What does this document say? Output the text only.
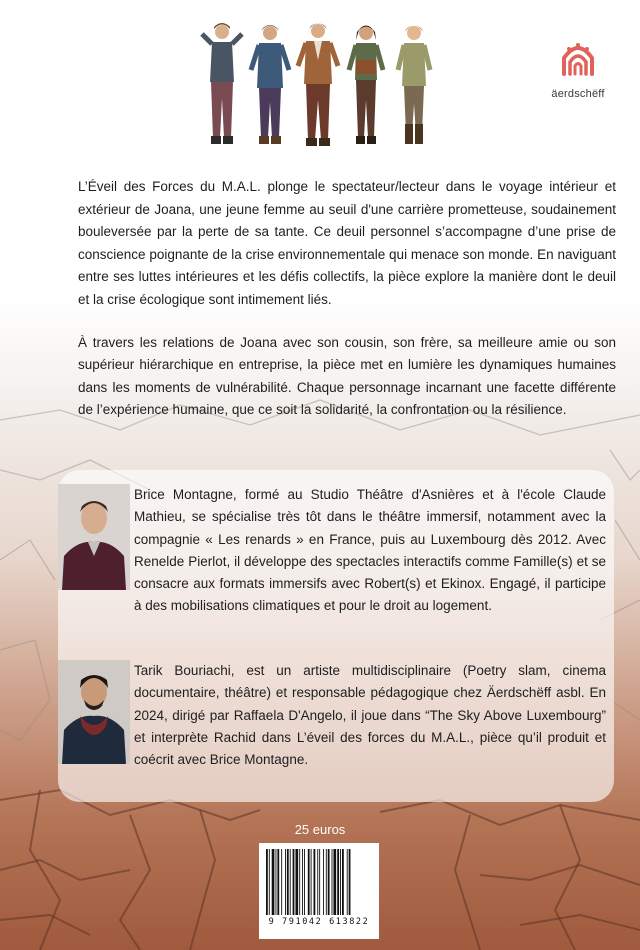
äerdschëff

L’Éveil des Forces du M.A.L. plonge le spectateur/lecteur dans le voyage intérieur et extérieur de Joana, une jeune femme au seuil d'une carrière prometteuse, soudainement bouleversée par la perte de sa tante. Ce deuil personnel s’accompagne d’une prise de conscience poignante de la crise environnementale qui menace son monde. En naviguant entre ses luttes intérieures et les défis collectifs, la pièce explore la manière dont le deuil et la crise écologique sont intimement liés.

À travers les relations de Joana avec son cousin, son frère, sa meilleure amie ou son supérieur hiérarchique en entreprise, la pièce met en lumière les dynamiques humaines dans les moments de vulnérabilité. Chaque personnage incarnant une facette différente de l’expérience humaine, que ce soit la solidarité, la confrontation ou la résilience.

Brice Montagne, formé au Studio Théâtre d'Asnières et à l'école Claude Mathieu, se spécialise très tôt dans le théâtre immersif, notamment avec la compagnie « Les renards » en France, puis au Luxembourg dès 2012. Avec Renelde Pierlot, il développe des spectacles interactifs comme Famille(s) et se consacre aux formats immersifs avec Robert(s) et Ekinox. Engagé, il participe à des mobilisations climatiques et pour le droit au logement.

Tarik Bouriachi, est un artiste multidisciplinaire (Poetry slam, cinema documentaire, théâtre) et responsable pédagogique chez Äerdschëff asbl. En 2024, dirigé par Raffaela D'Angelo, il joue dans “The Sky Above Luxembourg” et interprète Rachid dans L’éveil des forces du M.A.L., pièce qu’il produit et coécrit avec Brice Montagne.

25 euros
9 791042 613822
